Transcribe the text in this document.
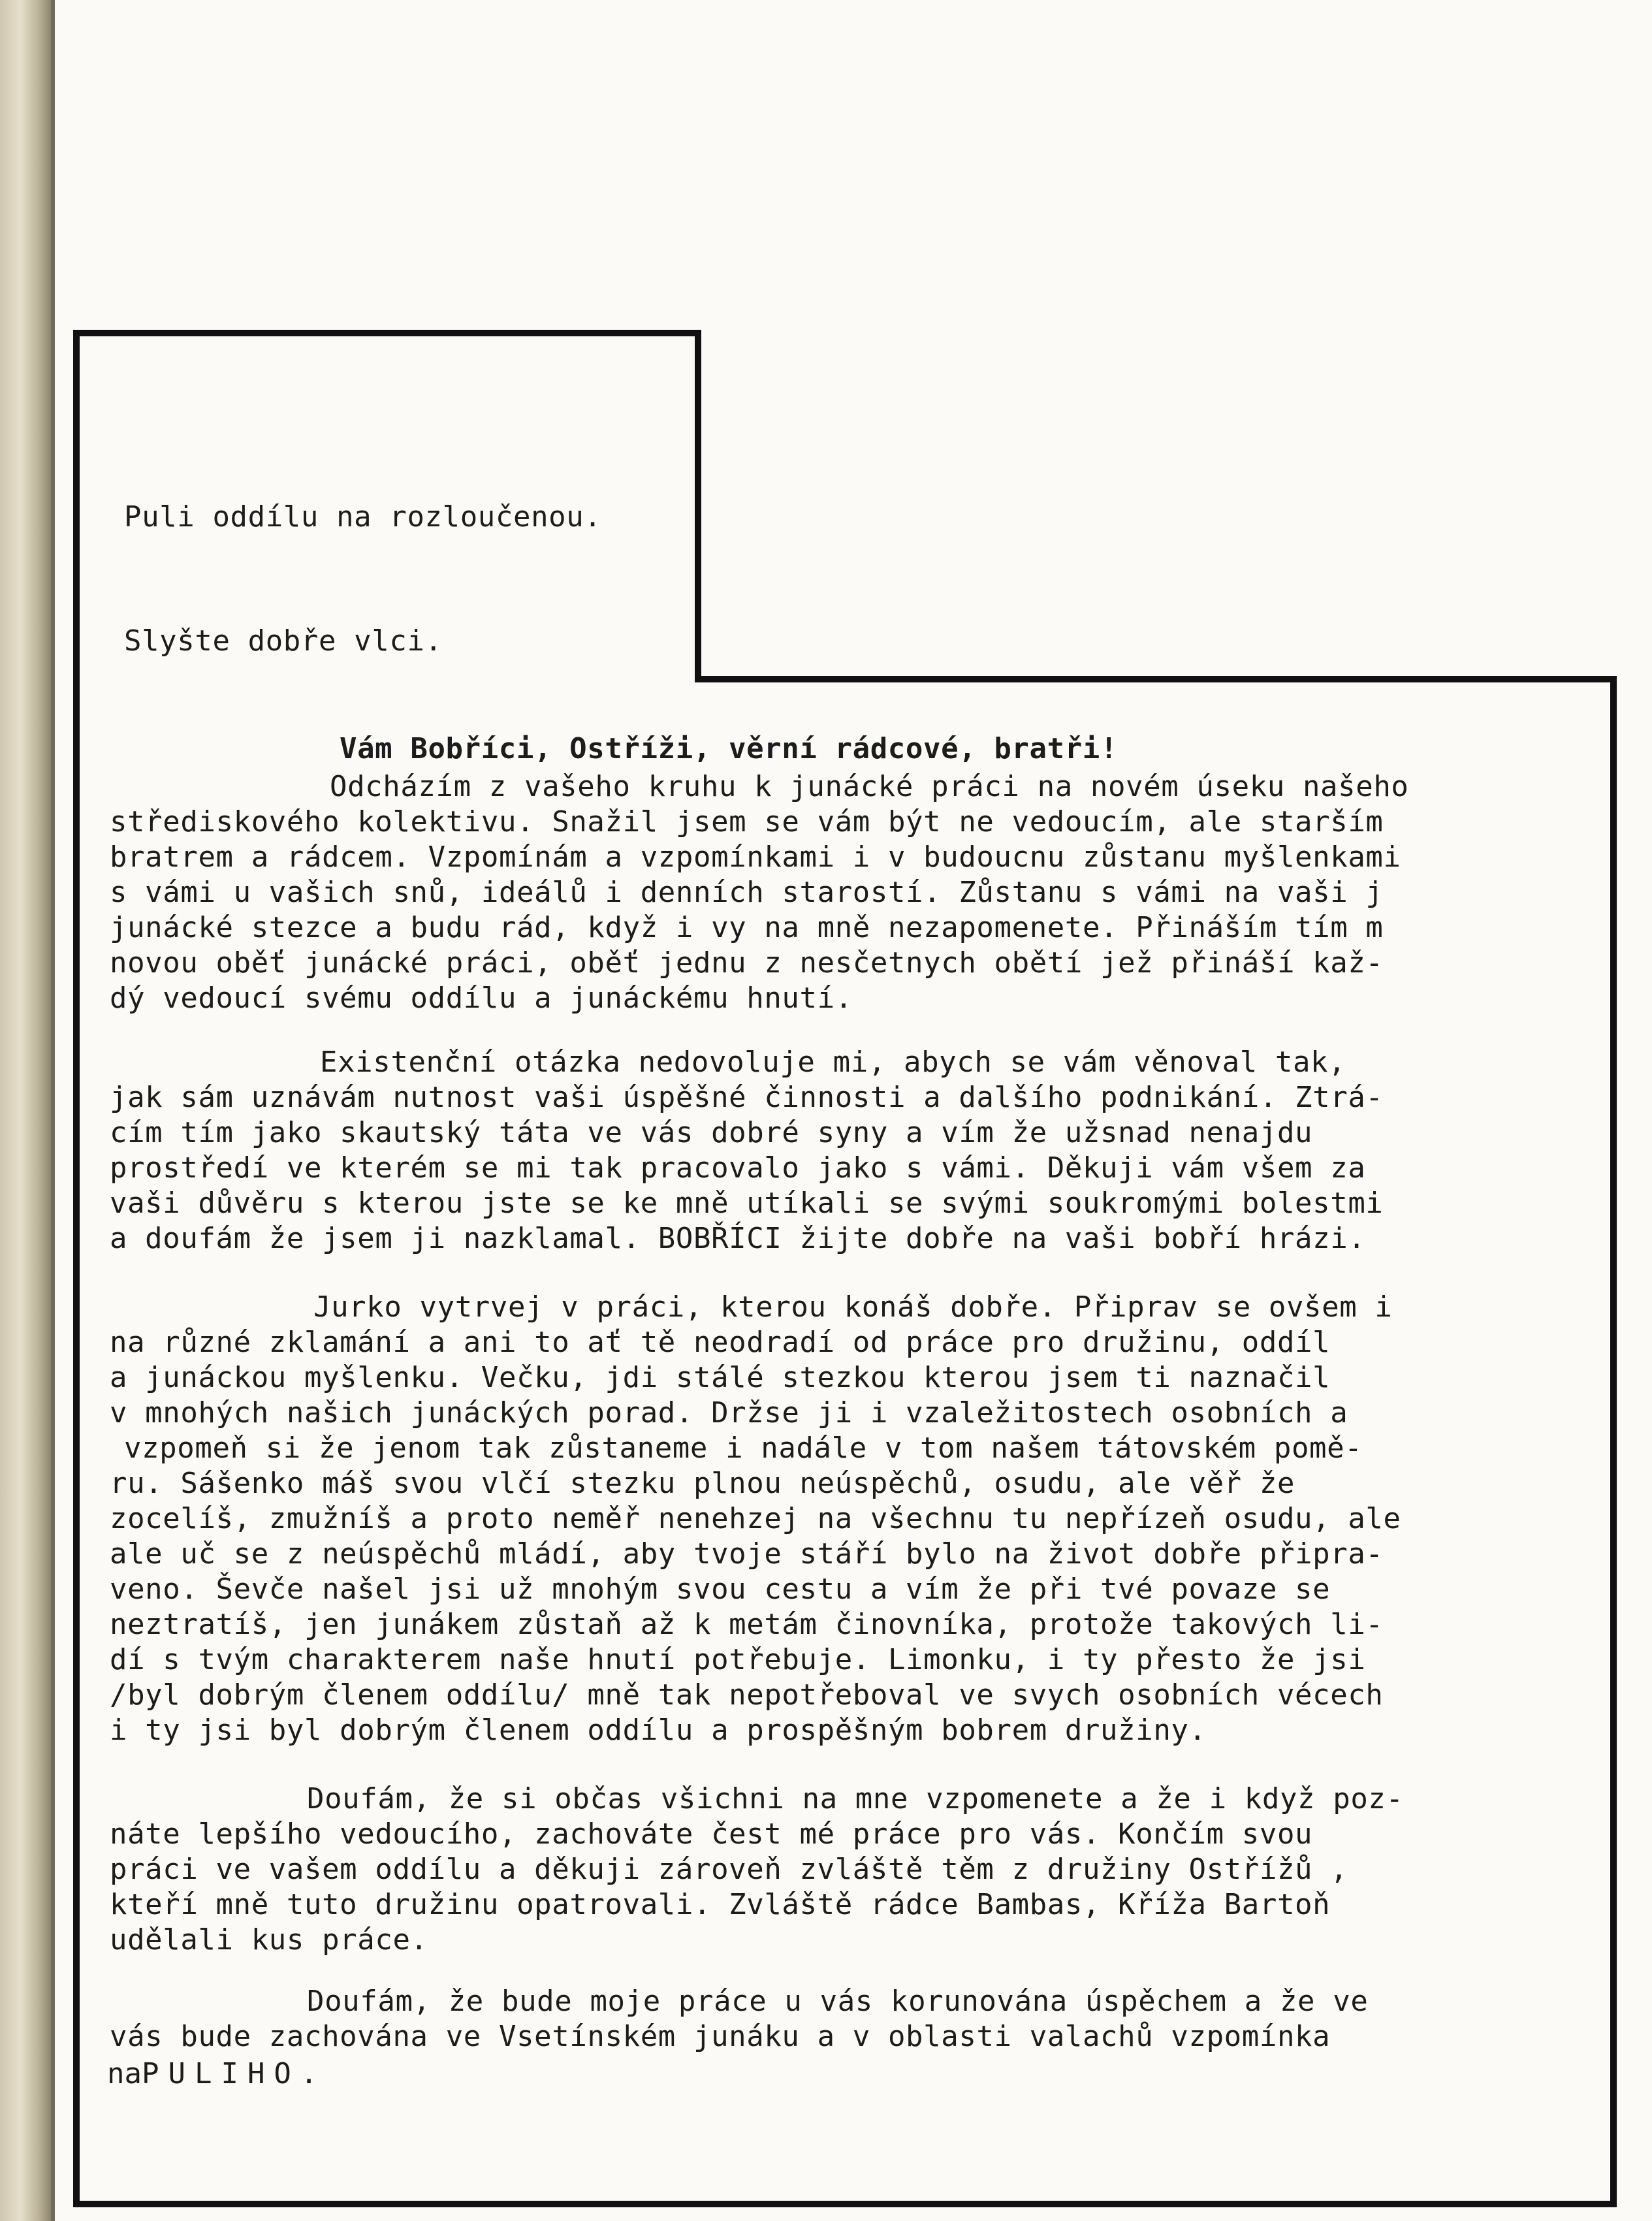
Puli oddílu na rozloučenou.
Slyšte dobře vlci.
Vám Bobříci, Ostříži, věrní rádcové, bratři!
Odcházím z vašeho kruhu k junácké práci na novém úseku našeho
střediskového kolektivu. Snažil jsem se vám být ne vedoucím, ale starším
bratrem a rádcem. Vzpomínám a vzpomínkami i v budoucnu zůstanu myšlenkami
s vámi u vašich snů, ideálů i denních starostí. Zůstanu s vámi na vaši j
junácké stezce a budu rád, když i vy na mně nezapomenete. Přináším tím m
novou oběť junácké práci, oběť jednu z nesčetnych obětí jež přináší kaž-
dý vedoucí svému oddílu a junáckému hnutí.
Existenční otázka nedovoluje mi, abych se vám věnoval tak,
jak sám uznávám nutnost vaši úspěšné činnosti a dalšího podnikání. Ztrá-
cím tím jako skautský táta ve vás dobré syny a vím že užsnad nenajdu
prostředí ve kterém se mi tak pracovalo jako s vámi. Děkuji vám všem za
vaši důvěru s kterou jste se ke mně utíkali se svými soukromými bolestmi
a doufám že jsem ji nazklamal. BOBŘÍCI žijte dobře na vaši bobří hrázi.
Jurko vytrvej v práci, kterou konáš dobře. Připrav se ovšem i
na různé zklamání a ani to ať tě neodradí od práce pro družinu, oddíl
a junáckou myšlenku. Večku, jdi stálé stezkou kterou jsem ti naznačil
v mnohých našich junáckých porad. Držse ji i vzaležitostech osobních a
vzpomeň si že jenom tak zůstaneme i nadále v tom našem tátovském pomě-
ru. Sášenko máš svou vlčí stezku plnou neúspěchů, osudu, ale věř že
zocelíš, zmužníš a proto neměř nenehzej na všechnu tu nepřízeň osudu, ale
ale uč se z neúspěchů mládí, aby tvoje stáří bylo na život dobře připra-
veno. Ševče našel jsi už mnohým svou cestu a vím že při tvé povaze se
neztratíš, jen junákem zůstaň až k metám činovníka, protože takových li-
dí s tvým charakterem naše hnutí potřebuje. Limonku, i ty přesto že jsi
/byl dobrým členem oddílu/ mně tak nepotřeboval ve svych osobních vécech
i ty jsi byl dobrým členem oddílu a prospěšným bobrem družiny.
Doufám, že si občas všichni na mne vzpomenete a že i když poz-
náte lepšího vedoucího, zachováte čest mé práce pro vás. Končím svou
práci ve vašem oddílu a děkuji zároveň zvláště těm z družiny Ostřížů ,
kteří mně tuto družinu opatrovali. Zvláště rádce Bambas, Kříža Bartoň
udělali kus práce.
Doufám, že bude moje práce u vás korunována úspěchem a že ve
vás bude zachována ve Vsetínském junáku a v oblasti valachů vzpomínka
naPULIHO.
